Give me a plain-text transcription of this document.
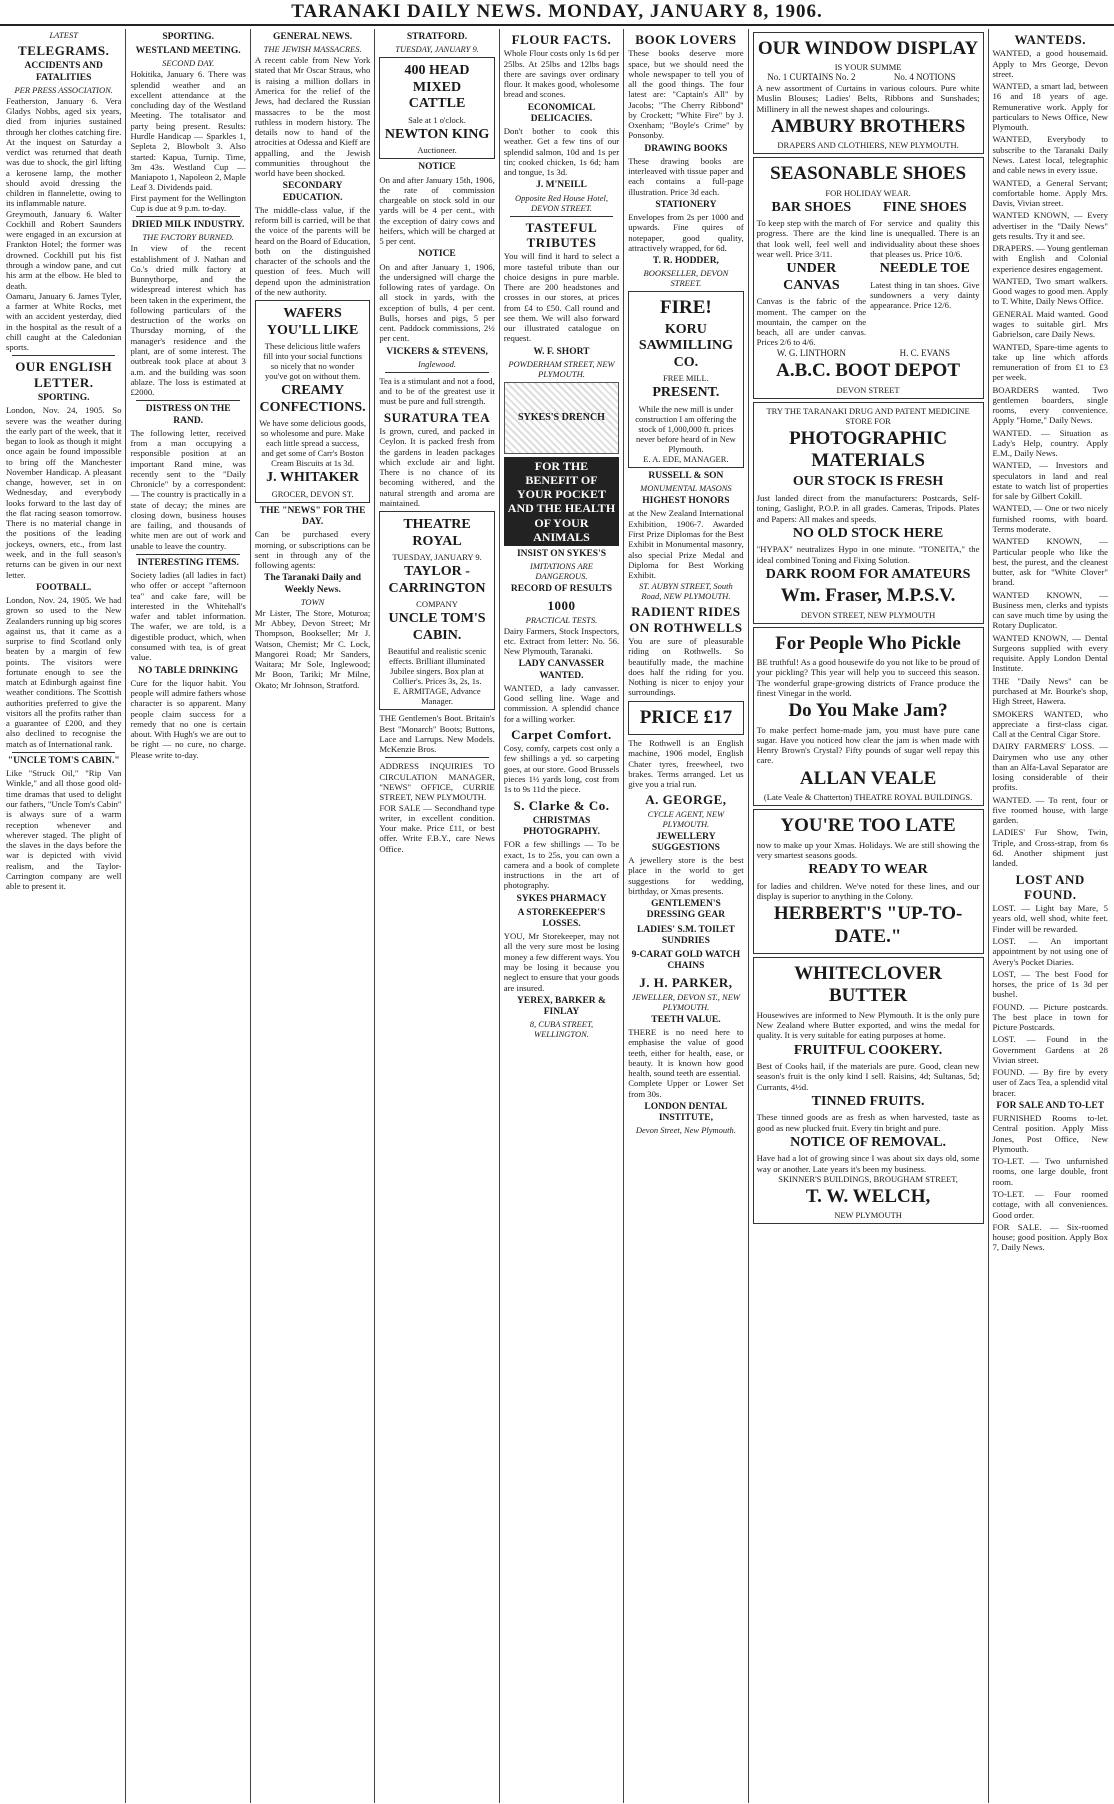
TARANAKI DAILY NEWS. MONDAY, JANUARY 8, 1906.
LATEST
TELEGRAMS.
ACCIDENTS AND FATALITIES
PER PRESS ASSOCIATION.

Featherston, January 6. Vera Gladys Nobbs, aged six years, died from injuries sustained through her clothes catching fire. At the inquest on Saturday a verdict was returned that death was due to shock, the girl lifting a kerosene lamp, the mother should avoid dressing the children in flannelette, owing to its inflammable nature.

Greymouth, January 6. Walter Cockhill and Robert Saunders were engaged in an excursion at Frankton Hotel; the former was drowned. Cockhill put his fist through a window pane, and cut his arm at the elbow. He bled to death.

Oamaru, January 6. James Tyler, a farmer at White Rocks, met with an accident yesterday, died in the hospital as the result of a chill caught at the Caledonian sports.

OUR ENGLISH LETTER.
SPORTING.

London, Nov. 24, 1905. So severe was the weather during the early part of the week, that it began to look as though it might once again be found impossible to bring off the Manchester November Handicap. A pleasant change, however, set in on Wednesday, and everybody looks forward to the last day of the flat racing season tomorrow. There is no material change in the positions of the leading jockeys, owners, etc., from last week, and in the full season's returns can be given in our next letter.

FOOTBALL.

London, Nov. 24, 1905. We had grown so used to the New Zealanders running up big scores against us, that it came as a surprise to find Scotland only beaten by a margin of few points. The visitors were fortunate enough to see the match at Edinburgh against fine weather conditions. The Scottish authorities preferred to give the visitors all the profits rather than a guarantee of £200, and they also declined to recognise the match as of International rank.

"UNCLE TOM'S CABIN."

Like "Struck Oil," "Rip Van Winkle," and all those good old-time dramas that used to delight our fathers, "Uncle Tom's Cabin" is always sure of a warm reception whenever and wherever staged. The plight of the slaves in the days before the war is depicted with vivid realism, and the Taylor-Carrington company are well able to present it.

SPORTING.
WESTLAND MEETING.
SECOND DAY.

Hokitika, January 6. There was splendid weather and an excellent attendance at the concluding day of the Westland Meeting. The totalisator and party being present. Results: Hurdle Handicap — Sparkles 1, Sepleta 2, Blowbolt 3. Also started: Kapua, Turnip. Time, 3m 43s. Westland Cup — Maniapoto 1, Napoleon 2, Maple Leaf 3. Dividends paid.

First payment for the Wellington Cup is due at 9 p.m. to-day.

DRIED MILK INDUSTRY.
THE FACTORY BURNED.

In view of the recent establishment of J. Nathan and Co.'s dried milk factory at Bunnythorpe, and the widespread interest which has been taken in the experiment, the following particulars of the destruction of the works on Thursday morning, of the manager's residence and the plant, are of some interest. The outbreak took place at about 3 a.m. and the building was soon ablaze. The loss is estimated at £2000.

DISTRESS ON THE RAND.

The following letter, received from a man occupying a responsible position at an important Rand mine, was recently sent to the "Daily Chronicle" by a correspondent: — The country is practically in a state of decay; the mines are closing down, business houses are failing, and thousands of white men are out of work and unable to leave the country.

INTERESTING ITEMS.

Society ladies (all ladies in fact) who offer or accept "afternoon tea" and cake fare, will be interested in the Whitehall's wafer and tablet information. The wafer, we are told, is a digestible product, which, when consumed with tea, is of great value.

NO TABLE DRINKING

Cure for the liquor habit. You people will admire fathers whose character is so apparent. Many people claim success for a remedy that no one is certain about. With Hugh's we are out to be right — no cure, no charge. Please write to-day.

GENERAL NEWS.
THE JEWISH MASSACRES.

A recent cable from New York stated that Mr Oscar Straus, who is raising a million dollars in America for the relief of the Jews, had declared the Russian massacres to be the most ruthless in modern history. The details now to hand of the atrocities at Odessa and Kieff are appalling, and the Jewish communities throughout the world have been shocked.

SECONDARY EDUCATION.

The middle-class value, if the reform bill is carried, will be that the voice of the parents will be heard on the Board of Education, both on the distinguished character of the schools and the question of fees. Much will depend upon the administration of the new authority.

WAFERS YOU'LL LIKE
These delicious little wafers fill into your social functions so nicely that no wonder you've got on without them.
CREAMY CONFECTIONS.
We have some delicious goods, so wholesome and pure. Make each little spread a success, and get some of Carr's Boston Cream Biscuits at 1s 3d.
J. WHITAKER
GROCER, DEVON ST.
THE "NEWS" FOR THE DAY.

Can be purchased every morning, or subscriptions can be sent in through any of the following agents:

The Taranaki Daily and Weekly News.
TOWN

Mr Lister, The Store, Moturoa; Mr Abbey, Devon Street; Mr Thompson, Bookseller; Mr J. Watson, Chemist; Mr C. Lock, Mangorei Road; Mr Sanders, Waitara; Mr Sole, Inglewood; Mr Boon, Tariki; Mr Milne, Okato; Mr Johnson, Stratford.

STRATFORD.
TUESDAY, JANUARY 9.
400 HEAD MIXED CATTLE
Sale at 1 o'clock.
NEWTON KING
Auctioneer.
NOTICE

On and after January 15th, 1906, the rate of commission chargeable on stock sold in our yards will be 4 per cent., with the exception of dairy cows and heifers, which will be charged at 5 per cent.

NOTICE

On and after January 1, 1906, the undersigned will charge the following rates of yardage. On all stock in yards, with the exception of bulls, 4 per cent. Bulls, horses and pigs, 5 per cent. Paddock commissions, 2½ per cent.

VICKERS & STEVENS,
Inglewood.

Tea is a stimulant and not a food, and to be of the greatest use it must be pure and full strength.

SURATURA TEA

Is grown, cured, and packed in Ceylon. It is packed fresh from the gardens in leaden packages which exclude air and light. There is no chance of its becoming withered, and the natural strength and aroma are maintained.

THEATRE ROYAL
TUESDAY, JANUARY 9.
TAYLOR - CARRINGTON
COMPANY
UNCLE TOM'S CABIN.
Beautiful and realistic scenic effects. Brilliant illuminated Jubilee singers. Box plan at Collier's. Prices 3s, 2s, 1s.
E. ARMITAGE, Advance Manager.

THE Gentlemen's Boot. Britain's Best "Monarch" Boots; Buttons, Lace and Larrups. New Models. McKenzie Bros.

ADDRESS INQUIRIES TO CIRCULATION MANAGER, "NEWS" OFFICE, CURRIE STREET, NEW PLYMOUTH.

FOR SALE — Secondhand type writer, in excellent condition. Your make. Price £11, or best offer. Write F.B.Y., care News Office.

FLOUR FACTS.

Whole Flour costs only 1s 6d per 25lbs. At 25lbs and 12lbs bags there are savings over ordinary flour. It makes good, wholesome bread and scones.

ECONOMICAL DELICACIES.

Don't bother to cook this weather. Get a few tins of our splendid salmon, 10d and 1s per tin; cooked chicken, 1s 6d; ham and tongue, 1s 3d.

J. M'NEILL
Opposite Red House Hotel, DEVON STREET.
TASTEFUL TRIBUTES

You will find it hard to select a more tasteful tribute than our choice designs in pure marble. There are 200 headstones and crosses in our stores, at prices from £4 to £50. Call round and see them. We will also forward our illustrated catalogue on request.

W. F. SHORT
POWDERHAM STREET, NEW PLYMOUTH.
SYKES'S DRENCH
FOR THE BENEFIT OF YOUR POCKET AND THE HEALTH OF YOUR ANIMALS
INSIST ON SYKES'S
IMITATIONS ARE DANGEROUS.
RECORD OF RESULTS
1000
PRACTICAL TESTS.

Dairy Farmers, Stock Inspectors, etc. Extract from letter: No. 56. New Plymouth, Taranaki.

LADY CANVASSER WANTED.

WANTED, a lady canvasser. Good selling line. Wage and commission. A splendid chance for a willing worker.

Carpet Comfort.

Cosy, comfy, carpets cost only a few shillings a yd. so carpeting goes, at our store. Good Brussels pieces 1½ yards long, cost from 1s to 9s 11d the piece.

S. Clarke & Co.
CHRISTMAS PHOTOGRAPHY.

FOR a few shillings — To be exact, 1s to 25s, you can own a camera and a book of complete instructions in the art of photography.

SYKES PHARMACY
A STOREKEEPER'S LOSSES.

YOU, Mr Storekeeper, may not all the very sure most be losing money a few different ways. You may be losing it because you neglect to ensure that your goods are insured.

YEREX, BARKER & FINLAY
8, CUBA STREET, WELLINGTON.
BOOK LOVERS

These books deserve more space, but we should need the whole newspaper to tell you of all the good things. The four latest are: "Captain's All" by Jacobs; "The Cherry Ribbond" by Crockett; "White Fire" by J. Oxenham; "Boyle's Crime" by Ponsonby.

DRAWING BOOKS

These drawing books are interleaved with tissue paper and each contains a full-page illustration. Price 3d each.

STATIONERY

Envelopes from 2s per 1000 and upwards. Fine quires of notepaper, good quality, attractively wrapped, for 6d.

T. R. HODDER,
BOOKSELLER, DEVON STREET.
FIRE!
KORU SAWMILLING CO.
FREE MILL.
PRESENT.
While the new mill is under construction I am offering the stock of 1,000,000 ft. prices never before heard of in New Plymouth.
E. A. EDE, MANAGER.
RUSSELL & SON
MONUMENTAL MASONS
HIGHEST HONORS

at the New Zealand International Exhibition, 1906-7. Awarded First Prize Diplomas for the Best Exhibit in Monumental masonry, also special Prize Medal and Diploma for Best Working Exhibit.

ST. AUBYN STREET, South Road, NEW PLYMOUTH.
RADIENT RIDES ON ROTHWELLS

You are sure of pleasurable riding on Rothwells. So beautifully made, the machine does half the riding for you. Nothing is nicer to enjoy your surroundings.

PRICE £17

The Rothwell is an English machine, 1906 model, English Chater tyres, freewheel, two brakes. Terms arranged. Let us give you a trial run.

A. GEORGE,
CYCLE AGENT, NEW PLYMOUTH.
JEWELLERY SUGGESTIONS

A jewellery store is the best place in the world to get suggestions for wedding, birthday, or Xmas presents.

GENTLEMEN'S DRESSING GEAR
LADIES' S.M. TOILET SUNDRIES
9-CARAT GOLD WATCH CHAINS
J. H. PARKER,
JEWELLER, DEVON ST., NEW PLYMOUTH.
TEETH VALUE.

THERE is no need here to emphasise the value of good teeth, either for health, ease, or beauty. It is known how good health, sound teeth are essential.

Complete Upper or Lower Set from 30s.

LONDON DENTAL INSTITUTE,
Devon Street, New Plymouth.
OUR WINDOW DISPLAY
IS YOUR SUMME
No. 1 CURTAINS No. 2	No. 4 NOTIONS

A new assortment of Curtains in various colours. Pure white Muslin Blouses; Ladies' Belts, Ribbons and Sunshades; Millinery in all the newest shapes and colourings.

AMBURY BROTHERS
DRAPERS AND CLOTHIERS, NEW PLYMOUTH.
SEASONABLE SHOES
FOR HOLIDAY WEAR.
BAR SHOES

To keep step with the march of progress. There are the kind that look well, feel well and wear well. Price 3/11.

FINE SHOES

For service and quality this line is unequalled. There is an individuality about these shoes that pleases us. Price 10/6.

UNDER CANVAS

Canvas is the fabric of the moment. The camper on the mountain, the camper on the beach, all are under canvas. Prices 2/6 to 4/6.

NEEDLE TOE

Latest thing in tan shoes. Give sundowners a very dainty appearance. Price 12/6.

W. G. LINTHORN	H. C. EVANS
A.B.C. BOOT DEPOT
DEVON STREET
TRY THE TARANAKI DRUG AND PATENT MEDICINE STORE FOR
PHOTOGRAPHIC MATERIALS
OUR STOCK IS FRESH

Just landed direct from the manufacturers: Postcards, Self-toning, Gaslight, P.O.P. in all grades. Cameras, Tripods. Plates and Papers: All makes and speeds.

NO OLD STOCK HERE

"HYPAX" neutralizes Hypo in one minute. "TONEITA," the ideal combined Toning and Fixing Solution.

DARK ROOM FOR AMATEURS
Wm. Fraser, M.P.S.V.
DEVON STREET, NEW PLYMOUTH
For People Who Pickle

BE truthful! As a good housewife do you not like to be proud of your pickling? This year will help you to succeed this season. The wonderful grape-growing districts of France produce the finest Vinegar in the world.

Do You Make Jam?

To make perfect home-made jam, you must have pure cane sugar. Have you noticed how clear the jam is when made with Henry Brown's Crystal? Fifty pounds of sugar well repay this care.

ALLAN VEALE
(Late Veale & Chatterton) THEATRE ROYAL BUILDINGS.
YOU'RE TOO LATE

now to make up your Xmas. Holidays. We are still showing the very smartest seasons goods.

READY TO WEAR

for ladies and children. We've noted for these lines, and our display is superior to anything in the Colony.

HERBERT'S "UP-TO-DATE."
WHITECLOVER BUTTER

Housewives are informed to New Plymouth. It is the only pure New Zealand where Butter exported, and wins the medal for quality. It is very suitable for eating purposes at home.

FRUITFUL COOKERY.

Best of Cooks hail, if the materials are pure. Good, clean new season's fruit is the only kind I sell. Raisins, 4d; Sultanas, 5d; Currants, 4½d.

TINNED FRUITS.

These tinned goods are as fresh as when harvested, taste as good as new plucked fruit. Every tin bright and pure.

NOTICE OF REMOVAL.

Have had a lot of growing since I was about six days old, some way or another. Late years it's been my business.

SKINNER'S BUILDINGS, BROUGHAM STREET,
T. W. WELCH,
NEW PLYMOUTH
WANTEDS.

WANTED, a good housemaid. Apply to Mrs George, Devon street.

WANTED, a smart lad, between 16 and 18 years of age. Remunerative work. Apply for particulars to News Office, New Plymouth.

WANTED, Everybody to subscribe to the Taranaki Daily News. Latest local, telegraphic and cable news in every issue.

WANTED, a General Servant; comfortable home. Apply Mrs. Davis, Vivian street.

WANTED KNOWN, — Every advertiser in the "Daily News" gets results. Try it and see.

DRAPERS. — Young gentleman with English and Colonial experience desires engagement.

WANTED, Two smart walkers. Good wages to good men. Apply to T. White, Daily News Office.

GENERAL Maid wanted. Good wages to suitable girl. Mrs Gabrielson, care Daily News.

WANTED, Spare-time agents to take up line which affords remuneration of from £1 to £3 per week.

BOARDERS wanted. Two gentlemen boarders, single rooms, every convenience. Apply "Home," Daily News.

WANTED. — Situation as Lady's Help, country. Apply E.M., Daily News.

WANTED, — Investors and speculators in land and real estate to watch list of properties for sale by Gilbert Cokill.

WANTED, — One or two nicely furnished rooms, with board. Terms moderate.

WANTED KNOWN, — Particular people who like the best, the purest, and the cleanest butter, ask for "White Clover" brand.

WANTED KNOWN, — Business men, clerks and typists can save much time by using the Rotary Duplicator.

WANTED KNOWN, — Dental Surgeons supplied with every requisite. Apply London Dental Institute.

THE "Daily News" can be purchased at Mr. Bourke's shop, High Street, Hawera.

SMOKERS WANTED, who appreciate a first-class cigar. Call at the Central Cigar Store.

DAIRY FARMERS' LOSS. — Dairymen who use any other than an Alfa-Laval Separator are losing considerable of their profits.

WANTED. — To rent, four or five roomed house, with large garden.

LADIES' Fur Show, Twin, Triple, and Cross-strap, from 6s 6d. Another shipment just landed.

LOST AND FOUND.

LOST. — Light bay Mare, 5 years old, well shod, white feet. Finder will be rewarded.

LOST. — An important appointment by not using one of Avery's Pocket Diaries.

LOST, — The best Food for horses, the price of 1s 3d per bushel.

FOUND. — Picture postcards. The best place in town for Picture Postcards.

LOST. — Found in the Government Gardens at 28 Vivian street.

FOUND. — By fire by every user of Zacs Tea, a splendid vital bracer.

FOR SALE AND TO-LET

FURNISHED Rooms to-let. Central position. Apply Miss Jones, Post Office, New Plymouth.

TO-LET. — Two unfurnished rooms, one large double, front room.

TO-LET. — Four roomed cottage, with all conveniences. Good order.

FOR SALE. — Six-roomed house; good position. Apply Box 7, Daily News.
